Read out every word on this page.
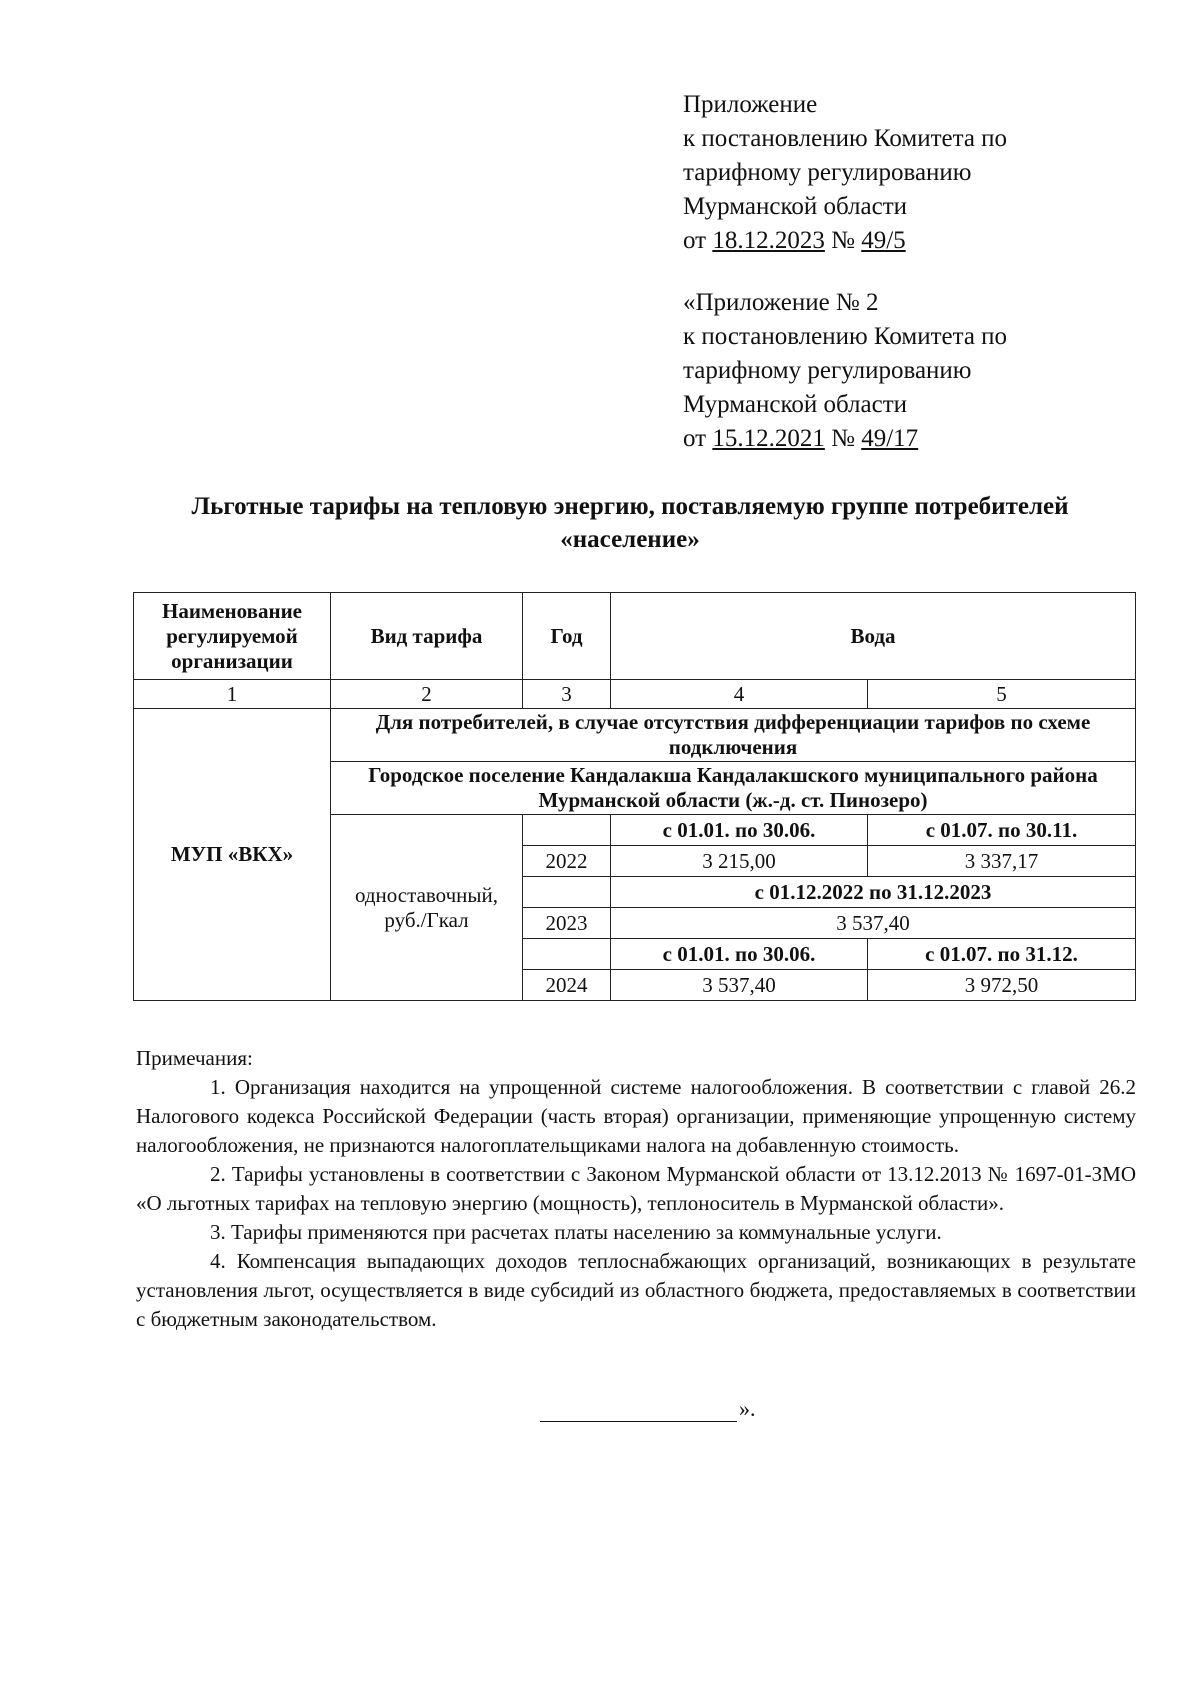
Приложение
к постановлению Комитета по
тарифному регулированию
Мурманской области
от 18.12.2023 № 49/5
«Приложение № 2
к постановлению Комитета по
тарифному регулированию
Мурманской области
от 15.12.2021 № 49/17
Льготные тарифы на тепловую энергию, поставляемую группе потребителей «население»
Наименование регулируемой организации	Вид тарифа	Год	Вода	
1	2	3	4	5
МУП «ВКХ»	Для потребителей, в случае отсутствия дифференциации тарифов по схеме подключения			
	Городское поселение Кандалакша Кандалакшского муниципального района Мурманской области (ж.-д. ст. Пинозеро)			
	одноставочный, руб./Гкал		с 01.01. по 30.06.	с 01.07. по 30.11.
		2022	3 215,00	3 337,17
			с 01.12.2022 по 31.12.2023	
		2023	3 537,40	
			с 01.01. по 30.06.	с 01.07. по 31.12.
		2024	3 537,40	3 972,50

Примечания:

1. Организация находится на упрощенной системе налогообложения. В соответствии с главой 26.2 Налогового кодекса Российской Федерации (часть вторая) организации, применяющие упрощенную систему налогообложения, не признаются налогоплательщиками налога на добавленную стоимость.

2. Тарифы установлены в соответствии с Законом Мурманской области от 13.12.2013 № 1697-01-ЗМО «О льготных тарифах на тепловую энергию (мощность), теплоноситель в Мурманской области».

3. Тарифы применяются при расчетах платы населению за коммунальные услуги.

4. Компенсация выпадающих доходов теплоснабжающих организаций, возникающих в результате установления льгот, осуществляется в виде субсидий из областного бюджета, предоставляемых в соответствии с бюджетным законодательством.

».
